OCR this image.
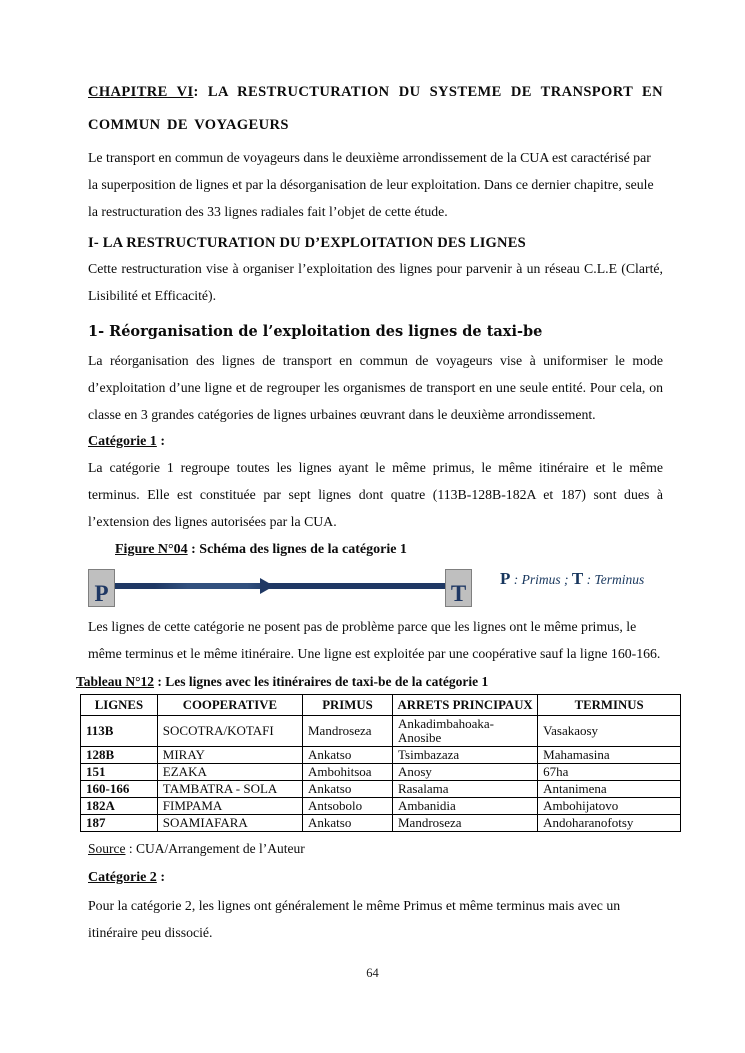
CHAPITRE VI: LA RESTRUCTURATION DU SYSTEME DE TRANSPORT EN COMMUN DE VOYAGEURS

Le transport en commun de voyageurs dans le deuxième arrondissement de la CUA est caractérisé par la superposition de lignes et par la désorganisation de leur exploitation. Dans ce dernier chapitre, seule la restructuration des 33 lignes radiales fait l’objet de cette étude.

I- LA RESTRUCTURATION DU D’EXPLOITATION DES LIGNES

Cette restructuration vise à organiser l’exploitation des lignes pour parvenir à un réseau C.L.E (Clarté, Lisibilité et Efficacité).

1- Réorganisation de l’exploitation des lignes de taxi-be

La réorganisation des lignes de transport en commun de voyageurs vise à uniformiser le mode d’exploitation d’une ligne et de regrouper les organismes de transport en une seule entité. Pour cela, on classe en 3 grandes catégories de lignes urbaines œuvrant dans le deuxième arrondissement.

Catégorie 1 :

La catégorie 1 regroupe toutes les lignes ayant le même primus, le même itinéraire et le même terminus. Elle est constituée par sept lignes dont quatre (113B-128B-182A et 187) sont dues à l’extension des lignes autorisées par la CUA.

Figure N°04 : Schéma des lignes de la catégorie 1

P	T
P : Primus ; T : Terminus

Les lignes de cette catégorie ne posent pas de problème parce que les lignes ont le même primus, le même terminus et le même itinéraire. Une ligne est exploitée par une coopérative sauf la ligne 160-166.

Tableau N°12 : Les lignes avec les itinéraires de taxi-be de la catégorie 1

LIGNES	COOPERATIVE	PRIMUS	ARRETS PRINCIPAUX	TERMINUS
113B	SOCOTRA/KOTAFI	Mandroseza	Ankadimbahoaka-Anosibe	Vasakaosy
128B	MIRAY	Ankatso	Tsimbazaza	Mahamasina
151	EZAKA	Ambohitsoa	Anosy	67ha
160-166	TAMBATRA - SOLA	Ankatso	Rasalama	Antanimena
182A	FIMPAMA	Antsobolo	Ambanidia	Ambohijatovo
187	SOAMIAFARA	Ankatso	Mandroseza	Andoharanofotsy

Source : CUA/Arrangement de l’Auteur

Catégorie 2 :

Pour la catégorie 2, les lignes ont généralement le même Primus et même terminus mais avec un itinéraire peu dissocié.

64
